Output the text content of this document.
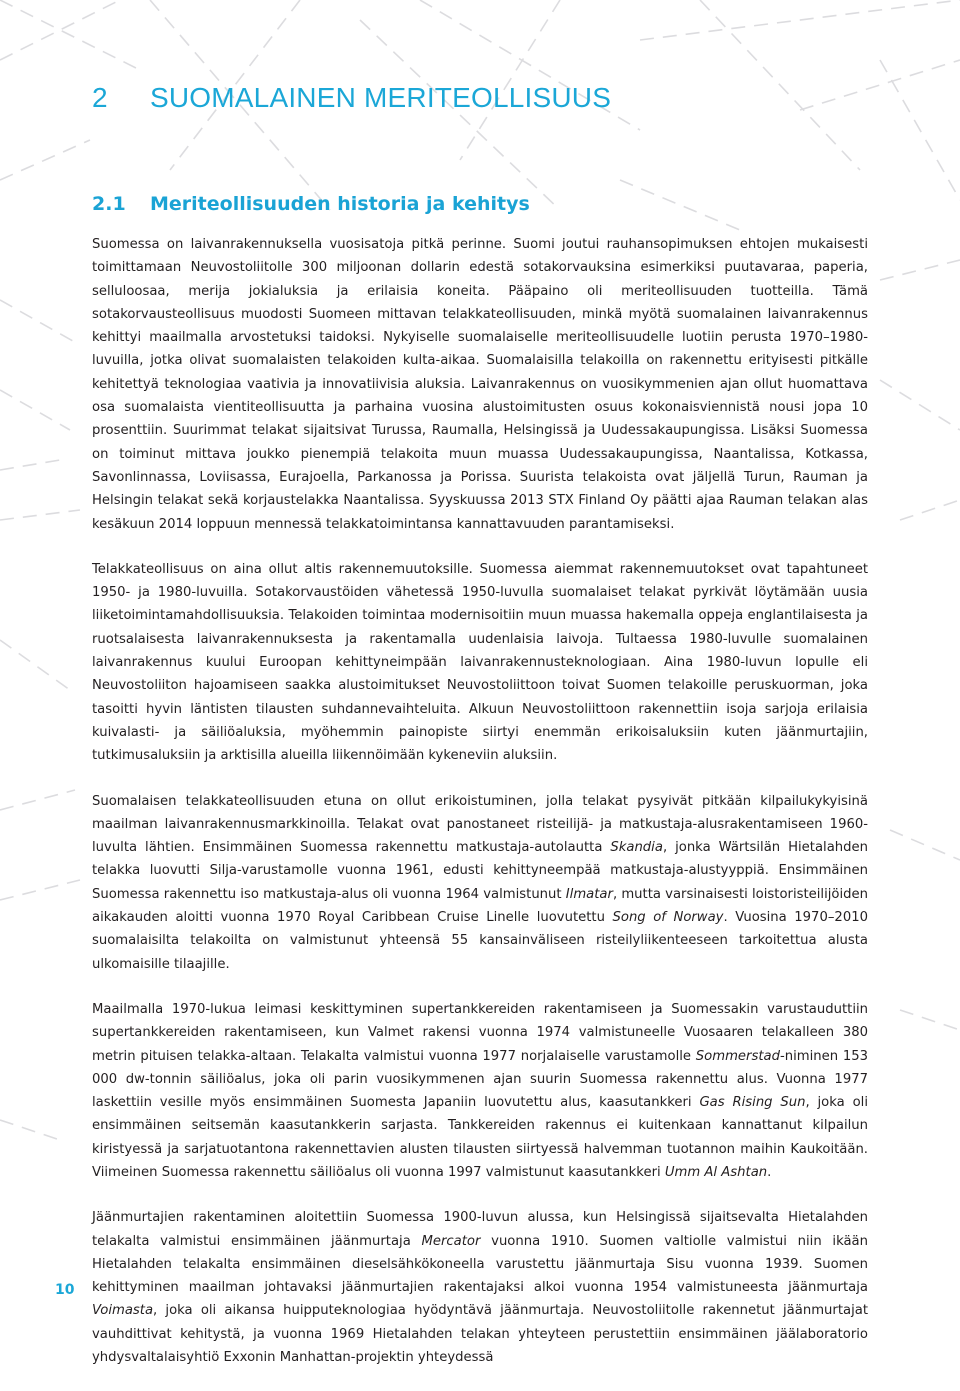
2 SUOMALAINEN MERITEOLLISUUS
2.1 Meriteollisuuden historia ja kehitys

Suomessa on laivanrakennuksella vuosisatoja pitkä perinne. Suomi joutui rauhansopimuksen ehtojen mukaisesti toimittamaan Neuvostoliitolle 300 miljoonan dollarin edestä sotakorvauksina esimerkiksi puutavaraa, paperia, selluloosaa, merija jokialuksia ja erilaisia koneita. Pääpaino oli meriteollisuuden tuotteilla. Tämä sotakorvausteollisuus muodosti Suomeen mittavan telakkateollisuuden, minkä myötä suomalainen laivanrakennus kehittyi maailmalla arvostetuksi taidoksi. Nykyiselle suomalaiselle meriteollisuudelle luotiin perusta 1970–1980-luvuilla, jotka olivat suomalaisten telakoiden kulta-aikaa. Suomalaisilla telakoilla on rakennettu erityisesti pitkälle kehitettyä teknologiaa vaativia ja innovatiivisia aluksia. Laivanrakennus on vuosikymmenien ajan ollut huomattava osa suomalaista vientiteollisuutta ja parhaina vuosina alustoimitusten osuus kokonaisviennistä nousi jopa 10 prosenttiin. Suurimmat telakat sijaitsivat Turussa, Raumalla, Helsingissä ja Uudessakaupungissa. Lisäksi Suomessa on toiminut mittava joukko pienempiä telakoita muun muassa Uudessakaupungissa, Naantalissa, Kotkassa, Savonlinnassa, Loviisassa, Eurajoella, Parkanossa ja Porissa. Suurista telakoista ovat jäljellä Turun, Rauman ja Helsingin telakat sekä korjaustelakka Naantalissa. Syyskuussa 2013 STX Finland Oy päätti ajaa Rauman telakan alas kesäkuun 2014 loppuun mennessä telakkatoimintansa kannattavuuden parantamiseksi.

Telakkateollisuus on aina ollut altis rakennemuutoksille. Suomessa aiemmat rakennemuutokset ovat tapahtuneet 1950- ja 1980-luvuilla. Sotakorvaustöiden vähetessä 1950-luvulla suomalaiset telakat pyrkivät löytämään uusia liiketoimintamahdollisuuksia. Telakoiden toimintaa modernisoitiin muun muassa hakemalla oppeja englantilaisesta ja ruotsalaisesta laivanrakennuksesta ja rakentamalla uudenlaisia laivoja. Tultaessa 1980-luvulle suomalainen laivanrakennus kuului Euroopan kehittyneimpään laivanrakennusteknologiaan. Aina 1980-luvun lopulle eli Neuvostoliiton hajoamiseen saakka alustoimitukset Neuvostoliittoon toivat Suomen telakoille peruskuorman, joka tasoitti hyvin läntisten tilausten suhdannevaihteluita. Alkuun Neuvostoliittoon rakennettiin isoja sarjoja erilaisia kuivalasti- ja säiliöaluksia, myöhemmin painopiste siirtyi enemmän erikoisaluksiin kuten jäänmurtajiin, tutkimusaluksiin ja arktisilla alueilla liikennöimään kykeneviin aluksiin.

Suomalaisen telakkateollisuuden etuna on ollut erikoistuminen, jolla telakat pysyivät pitkään kilpailukykyisinä maailman laivanrakennusmarkkinoilla. Telakat ovat panostaneet risteilijä- ja matkustaja-alusrakentamiseen 1960-luvulta lähtien. Ensimmäinen Suomessa rakennettu matkustaja-autolautta Skandia, jonka Wärtsilän Hietalahden telakka luovutti Silja-varustamolle vuonna 1961, edusti kehittyneempää matkustaja-alustyyppiä. Ensimmäinen Suomessa rakennettu iso matkustaja-alus oli vuonna 1964 valmistunut Ilmatar, mutta varsinaisesti loistoristeilijöiden aikakauden aloitti vuonna 1970 Royal Caribbean Cruise Linelle luovutettu Song of Norway. Vuosina 1970–2010 suomalaisilta telakoilta on valmistunut yhteensä 55 kansainväliseen risteilyliikenteeseen tarkoitettua alusta ulkomaisille tilaajille.

Maailmalla 1970-lukua leimasi keskittyminen supertankkereiden rakentamiseen ja Suomessakin varustauduttiin supertankkereiden rakentamiseen, kun Valmet rakensi vuonna 1974 valmistuneelle Vuosaaren telakalleen 380 metrin pituisen telakka-altaan. Telakalta valmistui vuonna 1977 norjalaiselle varustamolle Sommerstad-niminen 153 000 dw-tonnin säiliöalus, joka oli parin vuosikymmenen ajan suurin Suomessa rakennettu alus. Vuonna 1977 laskettiin vesille myös ensimmäinen Suomesta Japaniin luovutettu alus, kaasutankkeri Gas Rising Sun, joka oli ensimmäinen seitsemän kaasutankkerin sarjasta. Tankkereiden rakennus ei kuitenkaan kannattanut kilpailun kiristyessä ja sarjatuotantona rakennettavien alusten tilausten siirtyessä halvemman tuotannon maihin Kaukoitään. Viimeinen Suomessa rakennettu säiliöalus oli vuonna 1997 valmistunut kaasutankkeri Umm Al Ashtan.

Jäänmurtajien rakentaminen aloitettiin Suomessa 1900-luvun alussa, kun Helsingissä sijaitsevalta Hietalahden telakalta valmistui ensimmäinen jäänmurtaja Mercator vuonna 1910. Suomen valtiolle valmistui niin ikään Hietalahden telakalta ensimmäinen dieselsähkökoneella varustettu jäänmurtaja Sisu vuonna 1939. Suomen kehittyminen maailman johtavaksi jäänmurtajien rakentajaksi alkoi vuonna 1954 valmistuneesta jäänmurtaja Voimasta, joka oli aikansa huipputeknologiaa hyödyntävä jäänmurtaja. Neuvostoliitolle rakennetut jäänmurtajat vauhdittivat kehitystä, ja vuonna 1969 Hietalahden telakan yhteyteen perustettiin ensimmäinen jäälaboratorio yhdysvaltalaisyhtiö Exxonin Manhattan-projektin yhteydessä

10
